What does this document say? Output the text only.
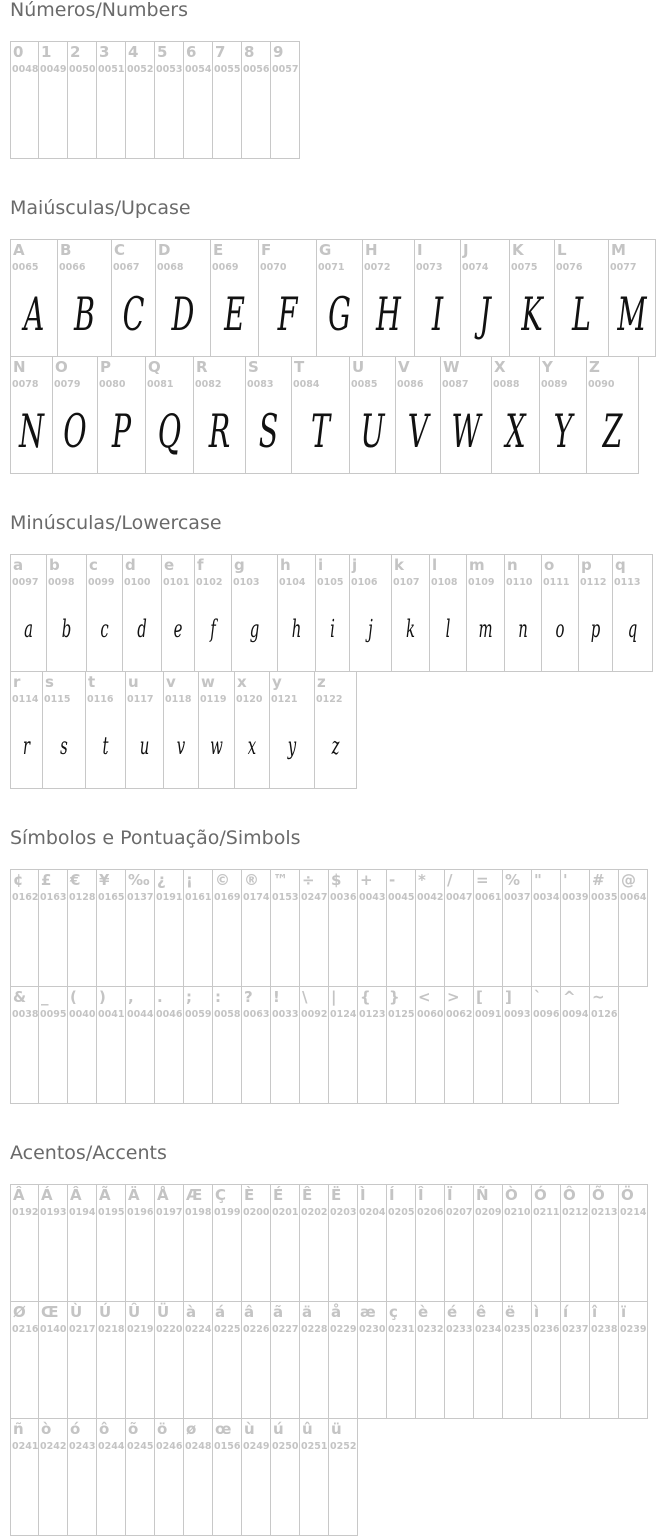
Números/Numbers
0
0048
1
0049
2
0050
3
0051
4
0052
5
0053
6
0054
7
0055
8
0056
9
0057
Maiúsculas/Upcase
A
0065
A
B
0066
B
C
0067
C
D
0068
D
E
0069
E
F
0070
F
G
0071
G
H
0072
H
I
0073
I
J
0074
J
K
0075
K
L
0076
L
M
0077
M
N
0078
N
O
0079
O
P
0080
P
Q
0081
Q
R
0082
R
S
0083
S
T
0084
T
U
0085
U
V
0086
V
W
0087
W
X
0088
X
Y
0089
Y
Z
0090
Z
Minúsculas/Lowercase
a
0097
a
b
0098
b
c
0099
c
d
0100
d
e
0101
e
f
0102
f
g
0103
g
h
0104
h
i
0105
i
j
0106
j
k
0107
k
l
0108
l
m
0109
m
n
0110
n
o
0111
o
p
0112
p
q
0113
q
r
0114
r
s
0115
s
t
0116
t
u
0117
u
v
0118
v
w
0119
w
x
0120
x
y
0121
y
z
0122
z
Símbolos e Pontuação/Simbols
¢
0162
£
0163
€
0128
¥
0165
‰
0137
¿
0191
¡
0161
©
0169
®
0174
™
0153
÷
0247
$
0036
+
0043
-
0045
*
0042
/
0047
=
0061
%
0037
"
0034
'
0039
#
0035
@
0064
&
0038
_
0095
(
0040
)
0041
,
0044
.
0046
;
0059
:
0058
?
0063
!
0033
\
0092
|
0124
{
0123
}
0125
<
0060
>
0062
[
0091
]
0093
`
0096
^
0094
~
0126
Acentos/Accents
Â
0192
Á
0193
Â
0194
Ã
0195
Ä
0196
Å
0197
Æ
0198
Ç
0199
È
0200
É
0201
Ê
0202
Ë
0203
Ì
0204
Í
0205
Î
0206
Ï
0207
Ñ
0209
Ò
0210
Ó
0211
Ô
0212
Õ
0213
Ö
0214
Ø
0216
Œ
0140
Ù
0217
Ú
0218
Û
0219
Ü
0220
à
0224
á
0225
â
0226
ã
0227
ä
0228
å
0229
æ
0230
ç
0231
è
0232
é
0233
ê
0234
ë
0235
ì
0236
í
0237
î
0238
ï
0239
ñ
0241
ò
0242
ó
0243
ô
0244
õ
0245
ö
0246
ø
0248
œ
0156
ù
0249
ú
0250
û
0251
ü
0252
